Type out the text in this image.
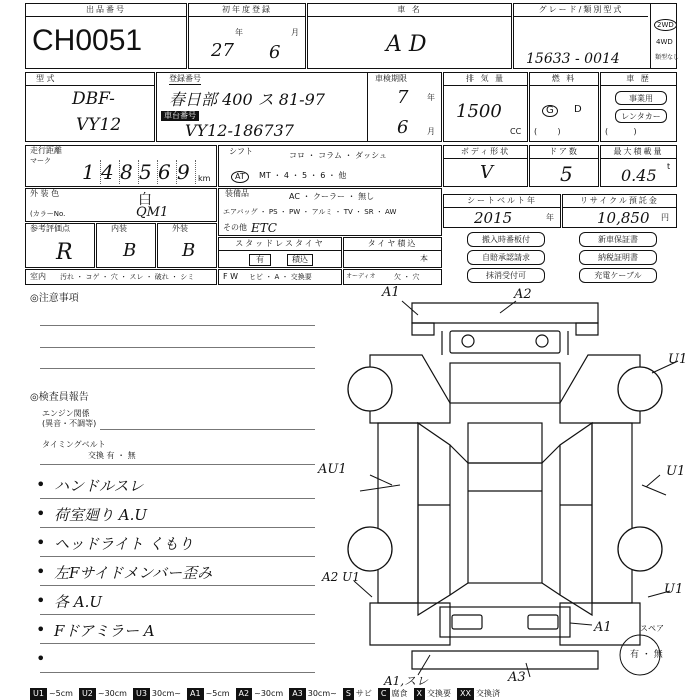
出品番号
CH0051
初年度登録
27
年
6
月
車 名
A D
グレード/類別型式
15633 - 0014
2WD
4WD
類型なし
型 式
DBF-
VY12
登録番号
春日部 400 ス 81-97
車台番号
VY12-186737
車検期限
7 年
6 月
排 気 量
1500
CC
燃 料
G	D
(        )
車 歴
事業用
レンタカー
(          )
走行距離
マーク 1 4 8 5 6 9	km
シフト	コロ ・ コラム ・ ダッシュ
AT	MT ・ 4 ・ 5 ・ 6 ・ 他
ボディ形状
V
ドア数
5
最大積載量
0.45 t
外 装 色	白
(カラーNo.	QM1
装備品	AC ・ クーラー ・ 無し
エアバッグ ・ PS ・ PW ・ アルミ ・ TV ・ SR ・ AW
その他 ETC
シートベルト年
2015	年
リサイクル預託金
10,850 円
参考評価点
R
内装
B
外装
B	スタッドレスタイヤ
有	積込
タイヤ積込
本
室内 汚れ ・ コゲ ・ 穴 ・ スレ ・ 破れ ・ シミ	F W ヒビ ・ A ・ 交換要	オーディオ	欠 ・ 穴
搬入時番板付	新車保証書
自賠承認請求	納税証明書
抹消受付可	充電ケーブル
◎注意事項
◎検査員報告
エンジン関係
(異音・不調等)
タイミングベルト
交換 有 ・ 無
• ハンドルスレ
• 荷室廻り A.U
• ヘッドライト くもり
• 左Fサイドメンバー歪み
• 各 A.U
• Fドアミラー A
•
A1	A2
U1
AU1	U1
A2 U1
U1
A1
A1,スレ	A3
スペア
有 ・ 無
U1 ~5cm U2 ~30cm U3 30cm~ A1 ~5cm A2 ~30cm A3 30cm~ S サビ C 腐食 X 交換要 XX 交換済
